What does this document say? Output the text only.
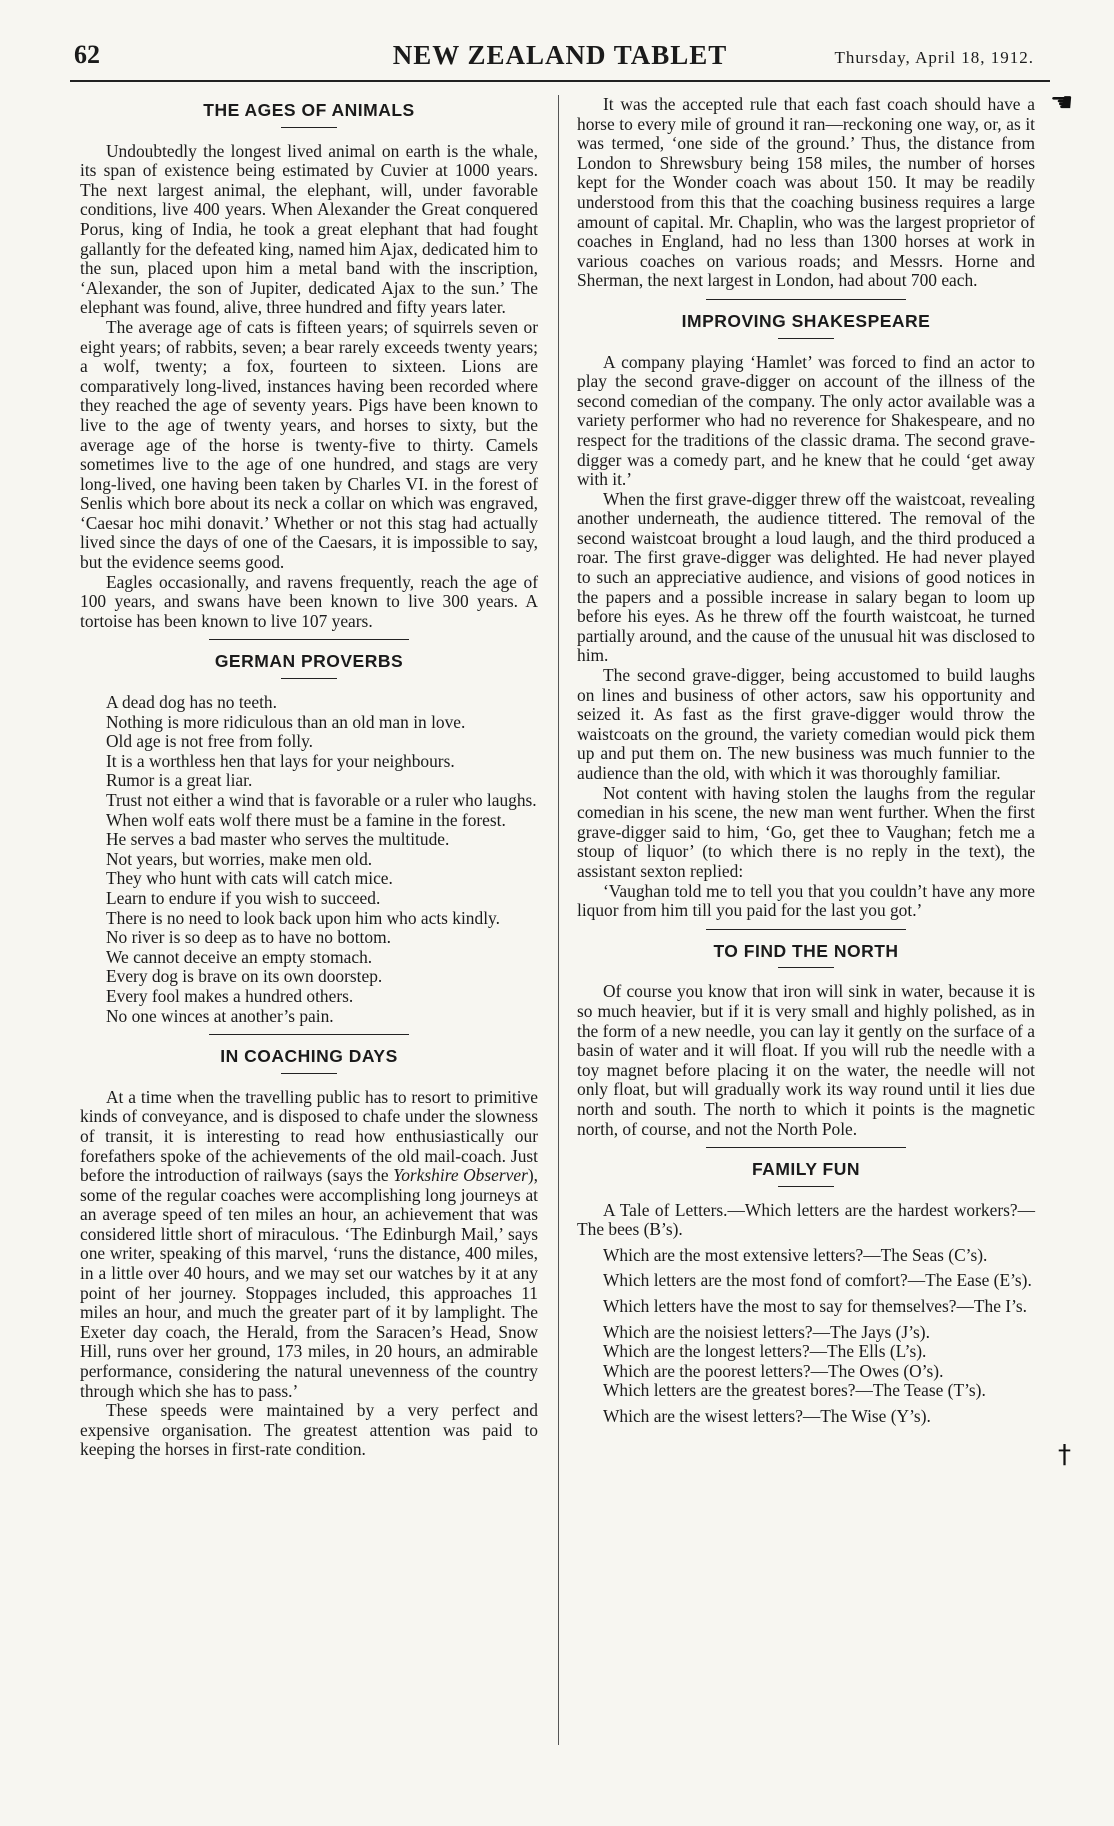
62	NEW ZEALAND TABLET	Thursday, April 18, 1912.
☚
†
THE AGES OF ANIMALS

Undoubtedly the longest lived animal on earth is the whale, its span of existence being estimated by Cuvier at 1000 years. The next largest animal, the elephant, will, under favorable conditions, live 400 years. When Alexander the Great conquered Porus, king of India, he took a great elephant that had fought gallantly for the defeated king, named him Ajax, dedicated him to the sun, placed upon him a metal band with the inscription, ‘Alexander, the son of Jupiter, dedicated Ajax to the sun.’ The elephant was found, alive, three hundred and fifty years later.

The average age of cats is fifteen years; of squirrels seven or eight years; of rabbits, seven; a bear rarely exceeds twenty years; a wolf, twenty; a fox, fourteen to sixteen. Lions are comparatively long-lived, instances having been recorded where they reached the age of seventy years. Pigs have been known to live to the age of twenty years, and horses to sixty, but the average age of the horse is twenty-five to thirty. Camels sometimes live to the age of one hundred, and stags are very long-lived, one having been taken by Charles VI. in the forest of Senlis which bore about its neck a collar on which was engraved, ‘Caesar hoc mihi donavit.’ Whether or not this stag had actually lived since the days of one of the Caesars, it is impossible to say, but the evidence seems good.

Eagles occasionally, and ravens frequently, reach the age of 100 years, and swans have been known to live 300 years. A tortoise has been known to live 107 years.

GERMAN PROVERBS

A dead dog has no teeth.

Nothing is more ridiculous than an old man in love.

Old age is not free from folly.

It is a worthless hen that lays for your neighbours.

Rumor is a great liar.

Trust not either a wind that is favorable or a ruler who laughs.

When wolf eats wolf there must be a famine in the forest.

He serves a bad master who serves the multitude.

Not years, but worries, make men old.

They who hunt with cats will catch mice.

Learn to endure if you wish to succeed.

There is no need to look back upon him who acts kindly.

No river is so deep as to have no bottom.

We cannot deceive an empty stomach.

Every dog is brave on its own doorstep.

Every fool makes a hundred others.

No one winces at another’s pain.

IN COACHING DAYS

At a time when the travelling public has to resort to primitive kinds of conveyance, and is disposed to chafe under the slowness of transit, it is interesting to read how enthusiastically our forefathers spoke of the achievements of the old mail-coach. Just before the introduction of railways (says the Yorkshire Observer), some of the regular coaches were accomplishing long journeys at an average speed of ten miles an hour, an achievement that was considered little short of miraculous. ‘The Edinburgh Mail,’ says one writer, speaking of this marvel, ‘runs the distance, 400 miles, in a little over 40 hours, and we may set our watches by it at any point of her journey. Stoppages included, this approaches 11 miles an hour, and much the greater part of it by lamplight. The Exeter day coach, the Herald, from the Saracen’s Head, Snow Hill, runs over her ground, 173 miles, in 20 hours, an admirable performance, considering the natural unevenness of the country through which she has to pass.’

These speeds were maintained by a very perfect and expensive organisation. The greatest attention was paid to keeping the horses in first-rate condition.

It was the accepted rule that each fast coach should have a horse to every mile of ground it ran—reckoning one way, or, as it was termed, ‘one side of the ground.’ Thus, the distance from London to Shrewsbury being 158 miles, the number of horses kept for the Wonder coach was about 150. It may be readily understood from this that the coaching business requires a large amount of capital. Mr. Chaplin, who was the largest proprietor of coaches in England, had no less than 1300 horses at work in various coaches on various roads; and Messrs. Horne and Sherman, the next largest in London, had about 700 each.

IMPROVING SHAKESPEARE

A company playing ‘Hamlet’ was forced to find an actor to play the second grave-digger on account of the illness of the second comedian of the company. The only actor available was a variety performer who had no reverence for Shakespeare, and no respect for the traditions of the classic drama. The second grave-digger was a comedy part, and he knew that he could ‘get away with it.’

When the first grave-digger threw off the waistcoat, revealing another underneath, the audience tittered. The removal of the second waistcoat brought a loud laugh, and the third produced a roar. The first grave-digger was delighted. He had never played to such an appreciative audience, and visions of good notices in the papers and a possible increase in salary began to loom up before his eyes. As he threw off the fourth waistcoat, he turned partially around, and the cause of the unusual hit was disclosed to him.

The second grave-digger, being accustomed to build laughs on lines and business of other actors, saw his opportunity and seized it. As fast as the first grave-digger would throw the waistcoats on the ground, the variety comedian would pick them up and put them on. The new business was much funnier to the audience than the old, with which it was thoroughly familiar.

Not content with having stolen the laughs from the regular comedian in his scene, the new man went further. When the first grave-digger said to him, ‘Go, get thee to Vaughan; fetch me a stoup of liquor’ (to which there is no reply in the text), the assistant sexton replied:

‘Vaughan told me to tell you that you couldn’t have any more liquor from him till you paid for the last you got.’

TO FIND THE NORTH

Of course you know that iron will sink in water, because it is so much heavier, but if it is very small and highly polished, as in the form of a new needle, you can lay it gently on the surface of a basin of water and it will float. If you will rub the needle with a toy magnet before placing it on the water, the needle will not only float, but will gradually work its way round until it lies due north and south. The north to which it points is the magnetic north, of course, and not the North Pole.

FAMILY FUN

A Tale of Letters.—Which letters are the hardest workers?—The bees (B’s).

Which are the most extensive letters?—The Seas (C’s).

Which letters are the most fond of comfort?—The Ease (E’s).

Which letters have the most to say for themselves?—The I’s.

Which are the noisiest letters?—The Jays (J’s).

Which are the longest letters?—The Ells (L’s).

Which are the poorest letters?—The Owes (O’s).

Which letters are the greatest bores?—The Tease (T’s).

Which are the wisest letters?—The Wise (Y’s).
